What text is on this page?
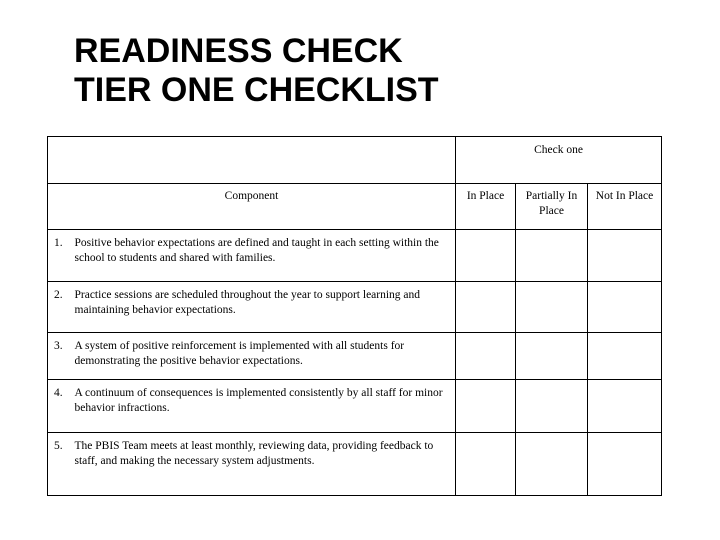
READINESS CHECK
TIER ONE CHECKLIST
		Check one		
Component		In Place	Partially In Place	Not In Place
1.	Positive behavior expectations are defined and taught in each setting within the school to students and shared with families.			
2.	Practice sessions are scheduled throughout the year to support learning and maintaining behavior expectations.			
3.	A system of positive reinforcement is implemented with all students for demonstrating the positive behavior expectations.			
4.	A continuum of consequences is implemented consistently by all staff for minor behavior infractions.			
5.	The PBIS Team meets at least monthly, reviewing data, providing feedback to staff, and making the necessary system adjustments.			
